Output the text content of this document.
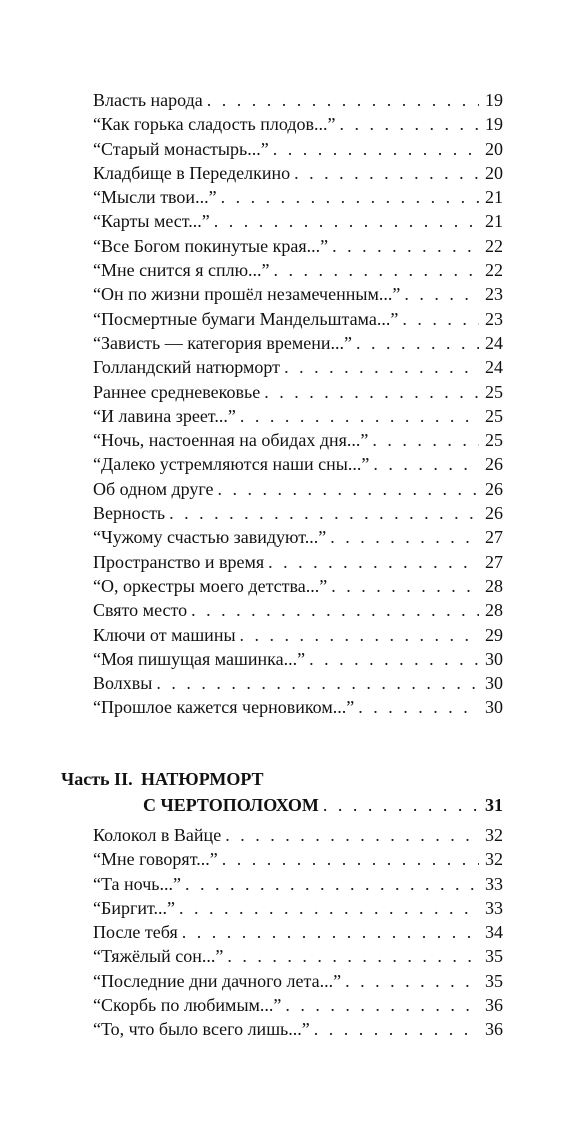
Власть народа . . .	19
“Как горька сладость плодов...” . . .	19
“Старый монастырь...” . . .	20
Кладбище в Переделкино . . .	20
“Мысли твои...” . . .	21
“Карты мест...” . . .	21
“Все Богом покинутые края...” . . .	22
“Мне снится я сплю...” . . .	22
“Он по жизни прошёл незамеченным...” . . .	23
“Посмертные бумаги Мандельштама...” . . .	23
“Зависть — категория времени...” . . .	24
Голландский натюрморт . . .	24
Раннее средневековье . . .	25
“И лавина зреет...” . . .	25
“Ночь, настоенная на обидах дня...” . . .	25
“Далеко устремляются наши сны...” . . .	26
Об одном друге . . .	26
Верность . . .	26
“Чужому счастью завидуют...” . . .	27
Пространство и время . . .	27
“О, оркестры моего детства...” . . .	28
Свято место . . .	28
Ключи от машины . . .	29
“Моя пишущая машинка...” . . .	30
Волхвы . . .	30
“Прошлое кажется черновиком...” . . .	30
Часть II. НАТЮРМОРТ
С ЧЕРТОПОЛОХОМ . . .	31
Колокол в Вайце . . .	32
“Мне говорят...” . . .	32
“Та ночь...” . . .	33
“Биргит...” . . .	33
После тебя . . .	34
“Тяжёлый сон...” . . .	35
“Последние дни дачного лета...” . . .	35
“Скорбь по любимым...” . . .	36
“То, что было всего лишь...” . . .	36
